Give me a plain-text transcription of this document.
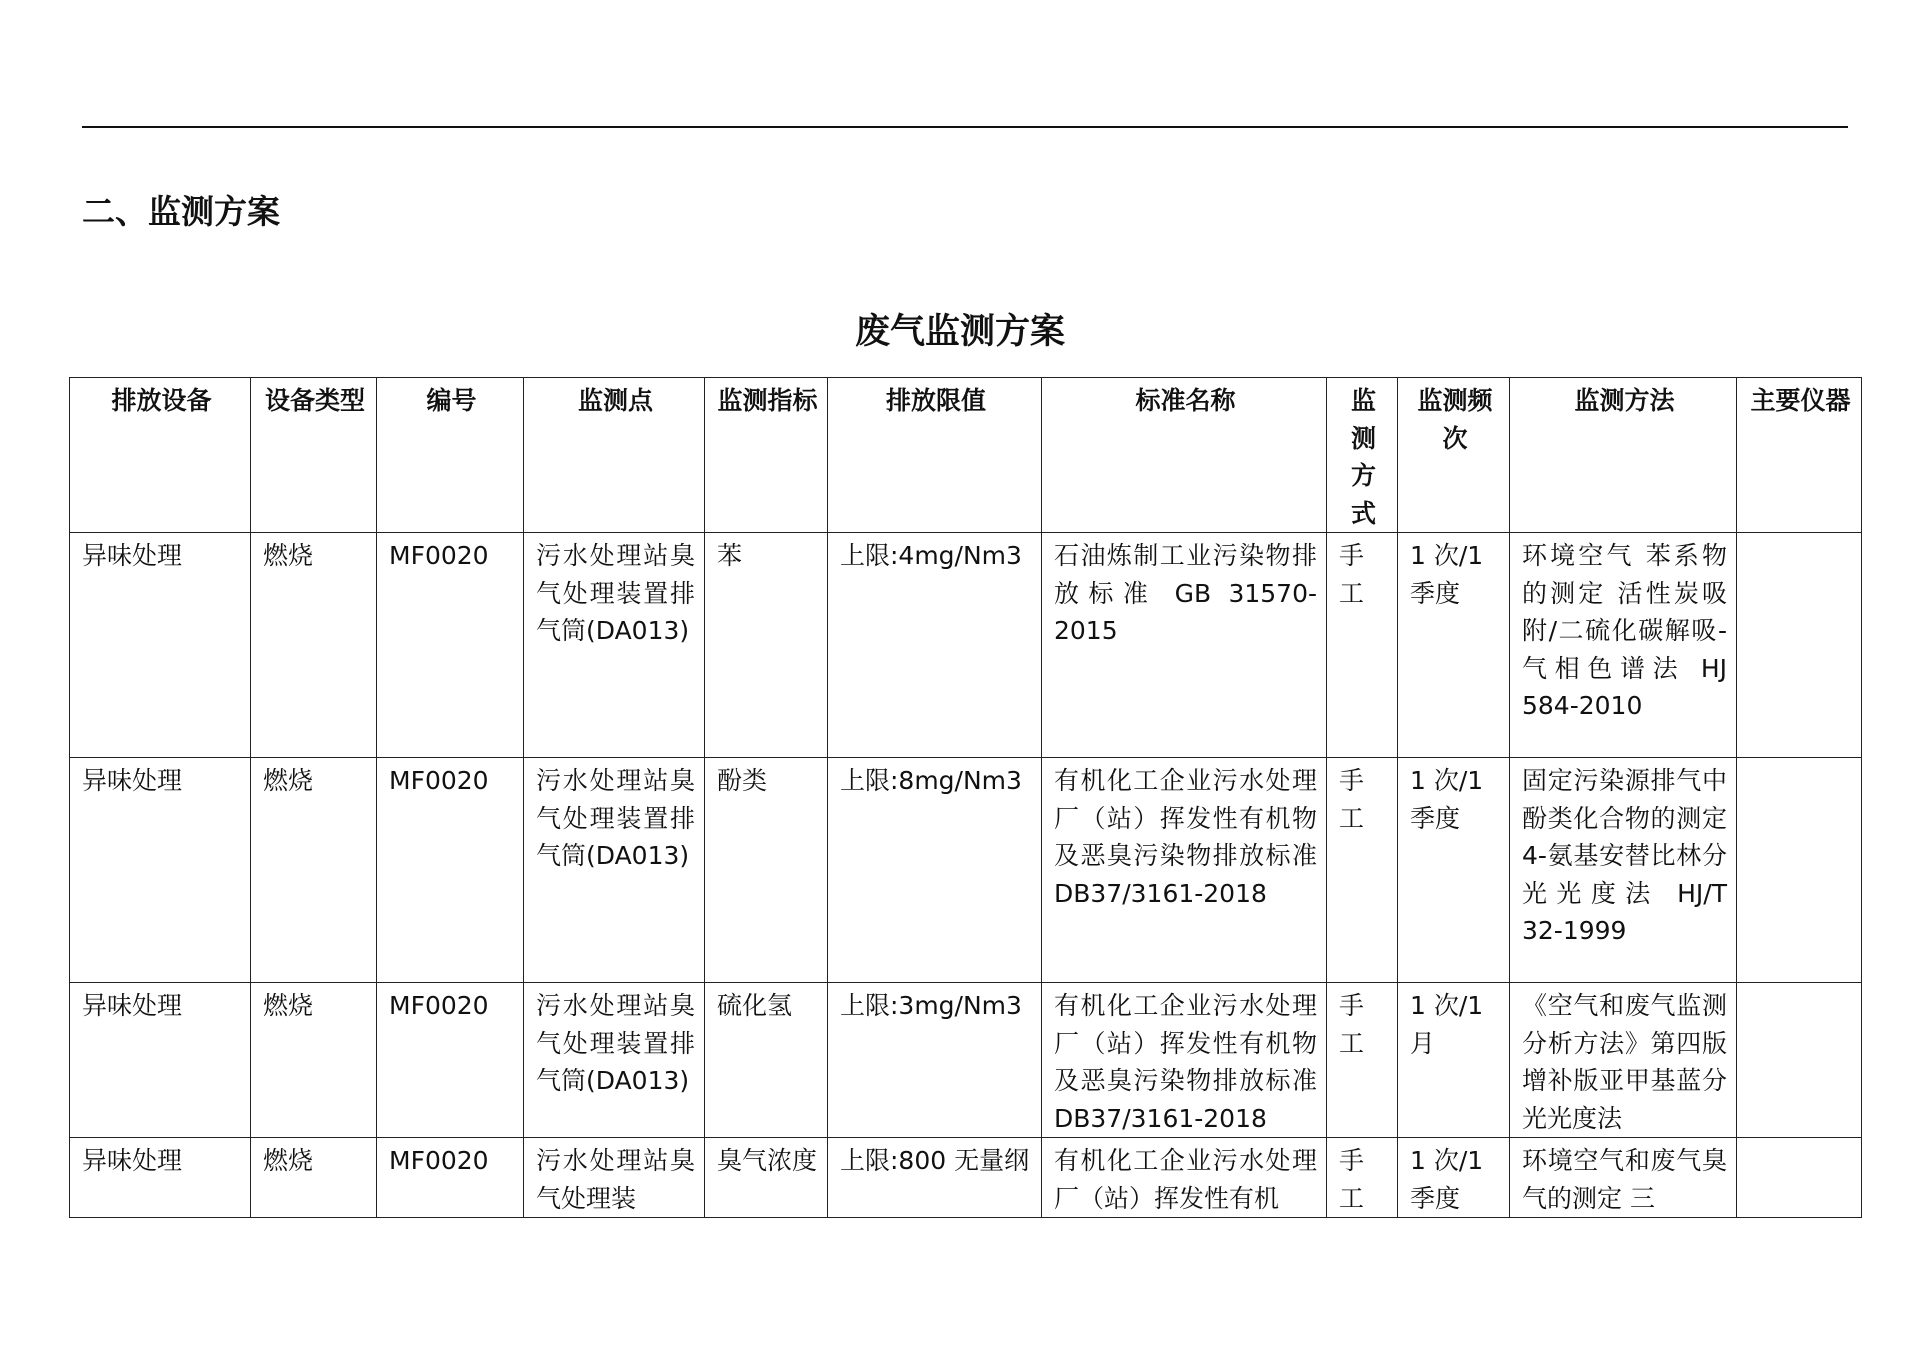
二、监测方案
废气监测方案
排放设备	设备类型	编号	监测点	监测指标	排放限值	标准名称	监测方式	监测频次	监测方法	主要仪器
异味处理	燃烧	MF0020	污水处理站臭气处理装置排气筒(DA013)	苯	上限:4mg/Nm3	石油炼制工业污染物排放标准 GB 31570-2015	手工	1 次/1 季度	环境空气 苯系物的测定 活性炭吸附/二硫化碳解吸-气相色谱法 HJ 584-2010	
异味处理	燃烧	MF0020	污水处理站臭气处理装置排气筒(DA013)	酚类	上限:8mg/Nm3	有机化工企业污水处理厂（站）挥发性有机物及恶臭污染物排放标准 DB37/3161-2018	手工	1 次/1 季度	固定污染源排气中酚类化合物的测定 4-氨基安替比林分光光度法 HJ/T 32-1999	
异味处理	燃烧	MF0020	污水处理站臭气处理装置排气筒(DA013)	硫化氢	上限:3mg/Nm3	有机化工企业污水处理厂（站）挥发性有机物及恶臭污染物排放标准 DB37/3161-2018	手工	1 次/1 月	《空气和废气监测分析方法》第四版增补版亚甲基蓝分光光度法	

异味处理	燃烧	MF0020	污水处理站臭气处理装	臭气浓度	上限:800 无量纲	有机化工企业污水处理厂（站）挥发性有机	手工	1 次/1 季度	环境空气和废气臭气的测定 三	
